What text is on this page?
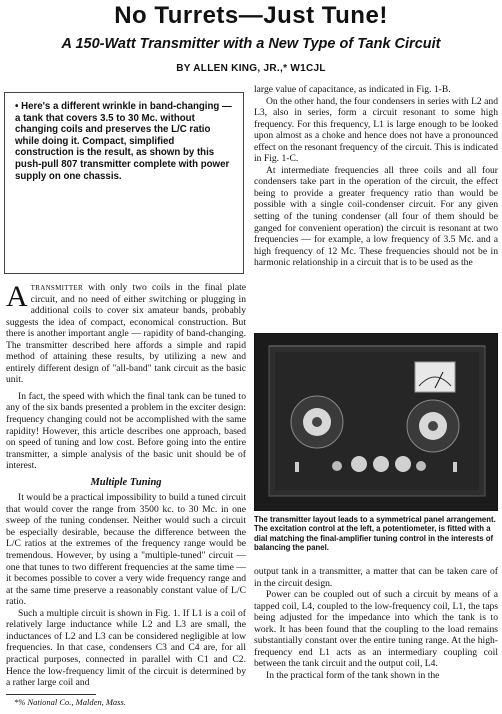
No Turrets—Just Tune!
A 150-Watt Transmitter with a New Type of Tank Circuit
BY ALLEN KING, JR.,* W1CJL
• Here's a different wrinkle in band-changing — a tank that covers 3.5 to 30 Mc. without changing coils and preserves the L/C ratio while doing it. Compact, simplified construction is the result, as shown by this push-pull 807 transmitter complete with power supply on one chassis.

Atransmitter with only two coils in the final plate circuit, and no need of either switching or plugging in additional coils to cover six amateur bands, probably suggests the idea of compact, economical construction. But there is another important angle — rapidity of band-changing. The transmitter described here affords a simple and rapid method of attaining these results, by utilizing a new and entirely different design of "all-band" tank circuit as the basic unit.

In fact, the speed with which the final tank can be tuned to any of the six bands presented a problem in the exciter design: frequency changing could not be accomplished with the same rapidity! However, this article describes one approach, based on speed of tuning and low cost. Before going into the entire transmitter, a simple analysis of the basic unit should be of interest.

Multiple Tuning

It would be a practical impossibility to build a tuned circuit that would cover the range from 3500 kc. to 30 Mc. in one sweep of the tuning condenser. Neither would such a circuit be especially desirable, because the difference between the L/C ratios at the extremes of the frequency range would be tremendous. However, by using a "multiple-tuned" circuit — one that tunes to two different frequencies at the same time — it becomes possible to cover a very wide frequency range and at the same time preserve a reasonably constant value of L/C ratio.

Such a multiple circuit is shown in Fig. 1. If L1 is a coil of relatively large inductance while L2 and L3 are small, the inductances of L2 and L3 can be considered negligible at low frequencies. In that case, condensers C3 and C4 are, for all practical purposes, connected in parallel with C1 and C2. Hence the low-frequency limit of the circuit is determined by a rather large coil and

*% National Co., Malden, Mass.

large value of capacitance, as indicated in Fig. 1-B.

On the other hand, the four condensers in series with L2 and L3, also in series, form a circuit resonant to some high frequency. For this frequency, L1 is large enough to be looked upon almost as a choke and hence does not have a pronounced effect on the resonant frequency of the circuit. This is indicated in Fig. 1-C.

At intermediate frequencies all three coils and all four condensers take part in the operation of the circuit, the effect being to provide a greater frequency ratio than would be possible with a single coil-condenser circuit. For any given setting of the tuning condenser (all four of them should be ganged for convenient operation) the circuit is resonant at two frequencies — for example, a low frequency of 3.5 Mc. and a high frequency of 12 Mc. These frequencies should not be in harmonic relationship in a circuit that is to be used as the

The transmitter layout leads to a symmetrical panel arrangement. The excitation control at the left, a potentiometer, is fitted with a dial matching the final-amplifier tuning control in the interests of balancing the panel.

output tank in a transmitter, a matter that can be taken care of in the circuit design.

Power can be coupled out of such a circuit by means of a tapped coil, L4, coupled to the low-frequency coil, L1, the taps being adjusted for the impedance into which the tank is to work. It has been found that the coupling to the load remains substantially constant over the entire tuning range. At the high-frequency end L1 acts as an intermediary coupling coil between the tank circuit and the output coil, L4.

In the practical form of the tank shown in the
